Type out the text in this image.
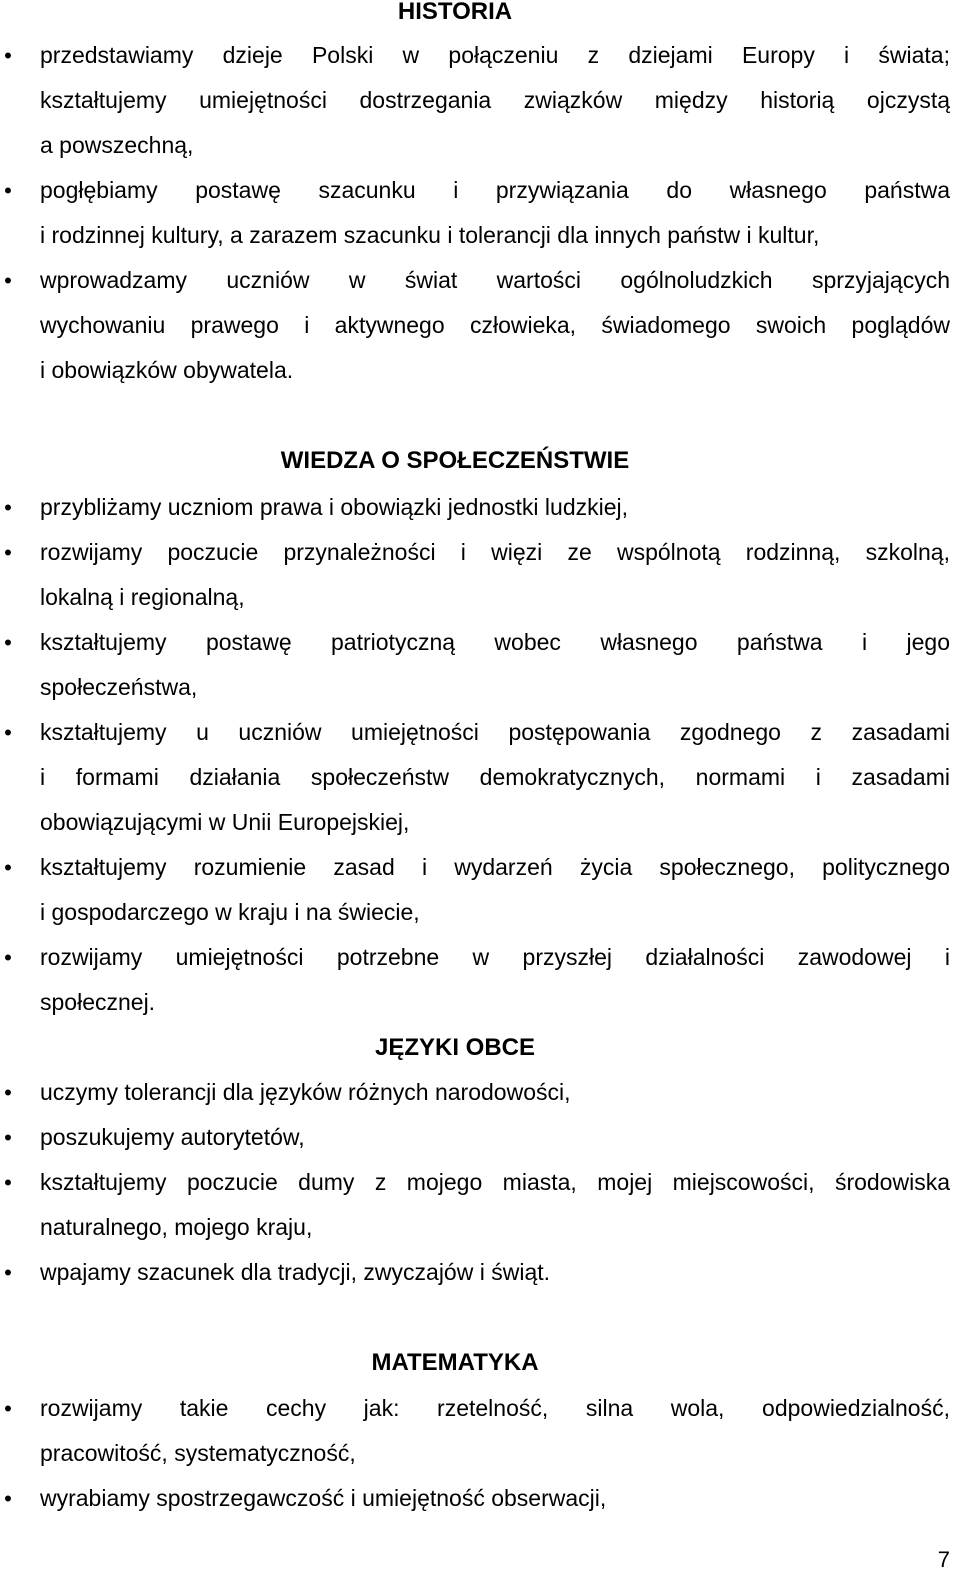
HISTORIA
• przedstawiamy dzieje Polski w połączeniu z dziejami Europy i świata;
kształtujemy umiejętności dostrzegania związków między historią ojczystą
a powszechną,
• pogłębiamy postawę szacunku i przywiązania do własnego państwa
i rodzinnej kultury, a zarazem szacunku i tolerancji dla innych państw i kultur,
• wprowadzamy uczniów w świat wartości ogólnoludzkich sprzyjających
wychowaniu prawego i aktywnego człowieka, świadomego swoich poglądów
i obowiązków obywatela.
WIEDZA O SPOŁECZEŃSTWIE
• przybliżamy uczniom prawa i obowiązki jednostki ludzkiej,
• rozwijamy poczucie przynależności i więzi ze wspólnotą rodzinną, szkolną,
lokalną i regionalną,
• kształtujemy postawę patriotyczną wobec własnego państwa i jego
społeczeństwa,
• kształtujemy u uczniów umiejętności postępowania zgodnego z zasadami
i formami działania społeczeństw demokratycznych, normami i zasadami
obowiązującymi w Unii Europejskiej,
• kształtujemy rozumienie zasad i wydarzeń życia społecznego, politycznego
i gospodarczego w kraju i na świecie,
• rozwijamy umiejętności potrzebne w przyszłej działalności zawodowej i
społecznej.
JĘZYKI OBCE
• uczymy tolerancji dla języków różnych narodowości,
• poszukujemy autorytetów,
• kształtujemy poczucie dumy z mojego miasta, mojej miejscowości, środowiska
naturalnego, mojego kraju,
• wpajamy szacunek dla tradycji, zwyczajów i świąt.
MATEMATYKA
• rozwijamy takie cechy jak: rzetelność, silna wola, odpowiedzialność,
pracowitość, systematyczność,
• wyrabiamy spostrzegawczość i umiejętność obserwacji,
7
